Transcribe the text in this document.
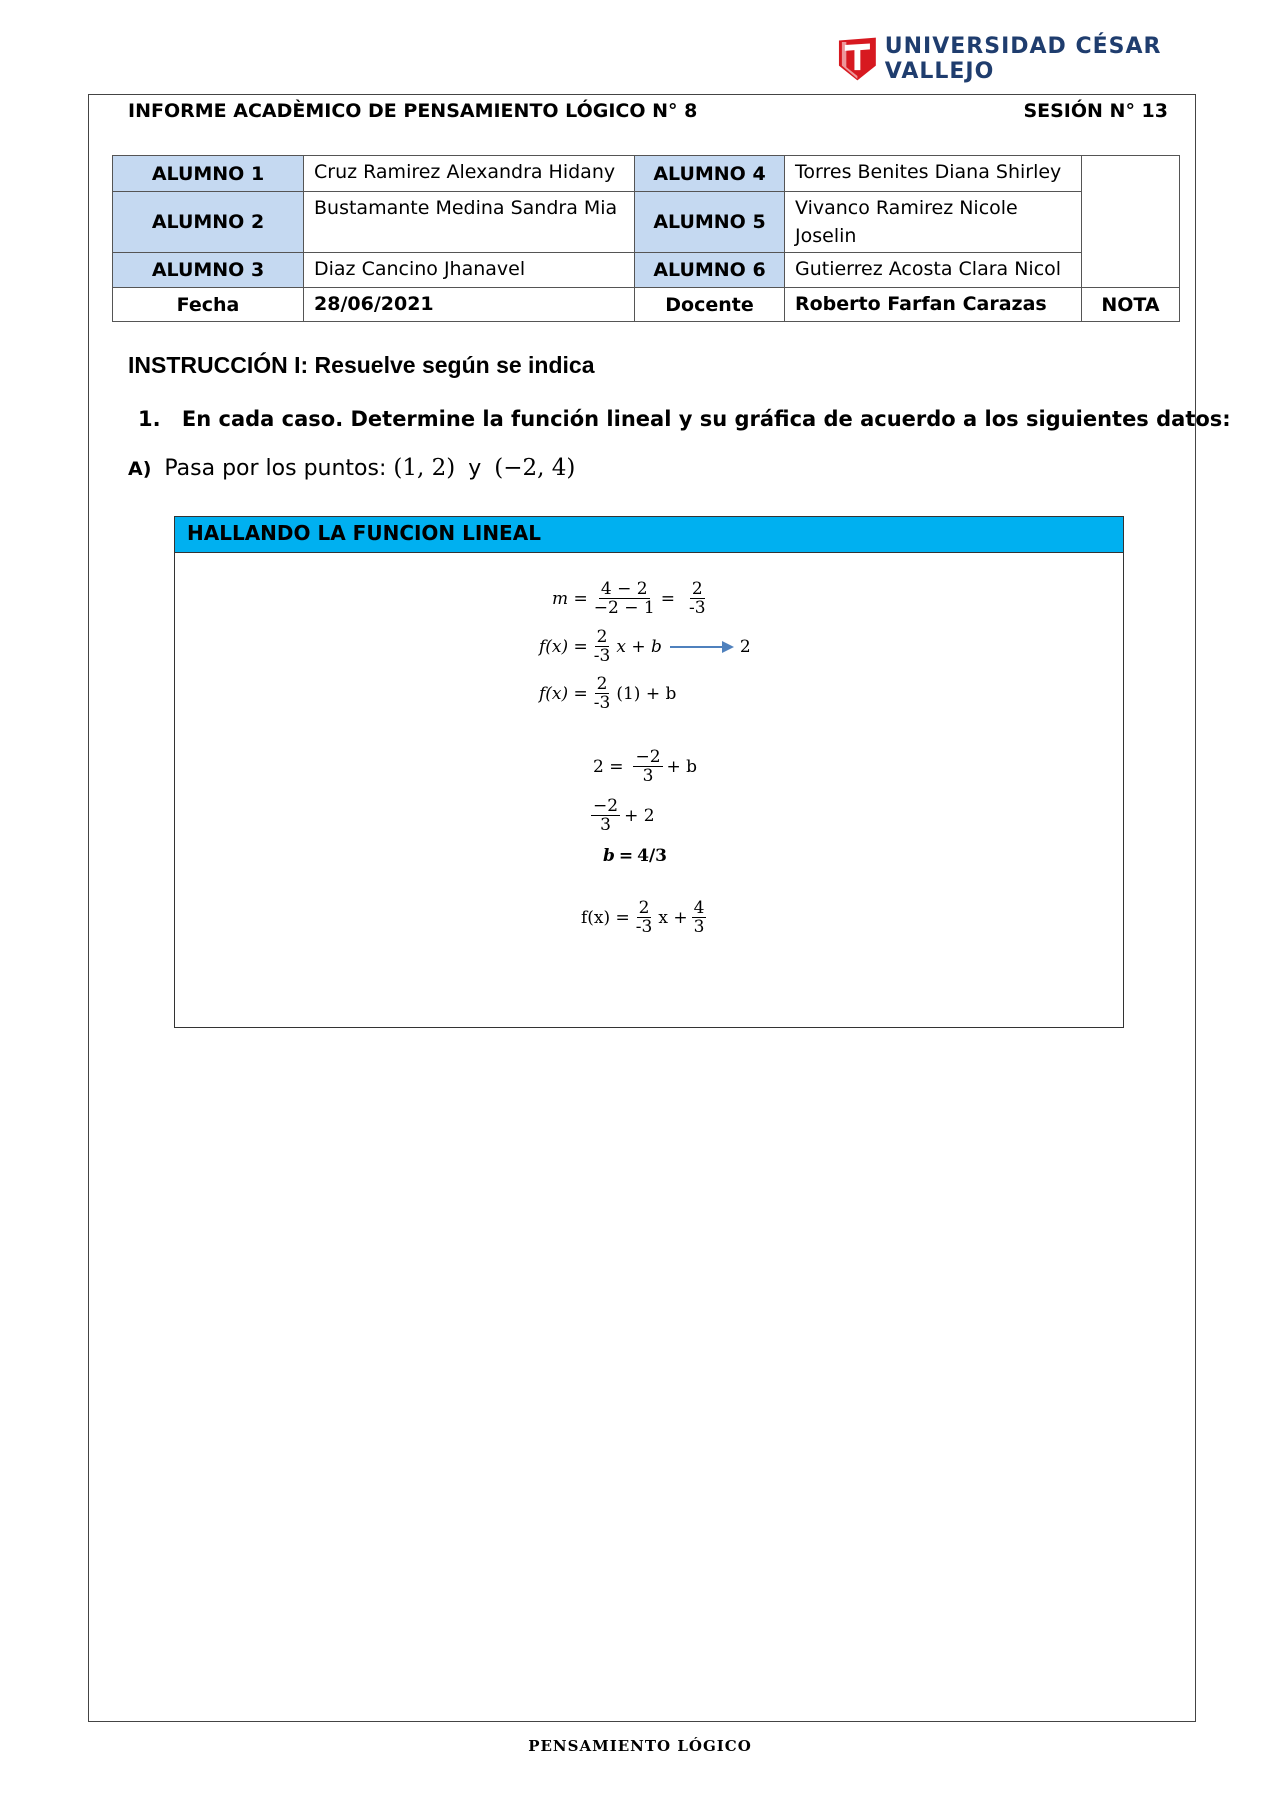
UNIVERSIDAD CÉSAR VALLEJO
INFORME ACADÈMICO DE PENSAMIENTO LÓGICO N° 8	SESIÓN N° 13
ALUMNO 1	Cruz Ramirez Alexandra Hidany	ALUMNO 4	Torres Benites Diana Shirley	
ALUMNO 2	Bustamante Medina Sandra Mia	ALUMNO 5	Vivanco Ramirez Nicole Joselin	
ALUMNO 3	Diaz Cancino Jhanavel	ALUMNO 6	Gutierrez Acosta Clara Nicol	
Fecha	28/06/2021	Docente	Roberto Farfan Carazas	NOTA
INSTRUCCIÓN I: Resuelve según se indica
1. En cada caso. Determine la función lineal y su gráfica de acuerdo a los siguientes datos:
A) Pasa por los puntos: (1, 2) y (−2, 4)
HALLANDO LA FUNCION LINEAL
$m = \frac{4 - 2}{-2 - 1} = \frac{2}{-3}$
$f(x) = \frac{2}{-3}$ x + b	2
$f(x) = \frac{2}{-3} (1) + b$
$2 = \frac{-2}{3} + b$
$\frac{-2}{3} + 2$
b = 4/3
$f(x) = \frac{2}{-3}$ $x + \frac{4}{3}$
PENSAMIENTO LÓGICO
